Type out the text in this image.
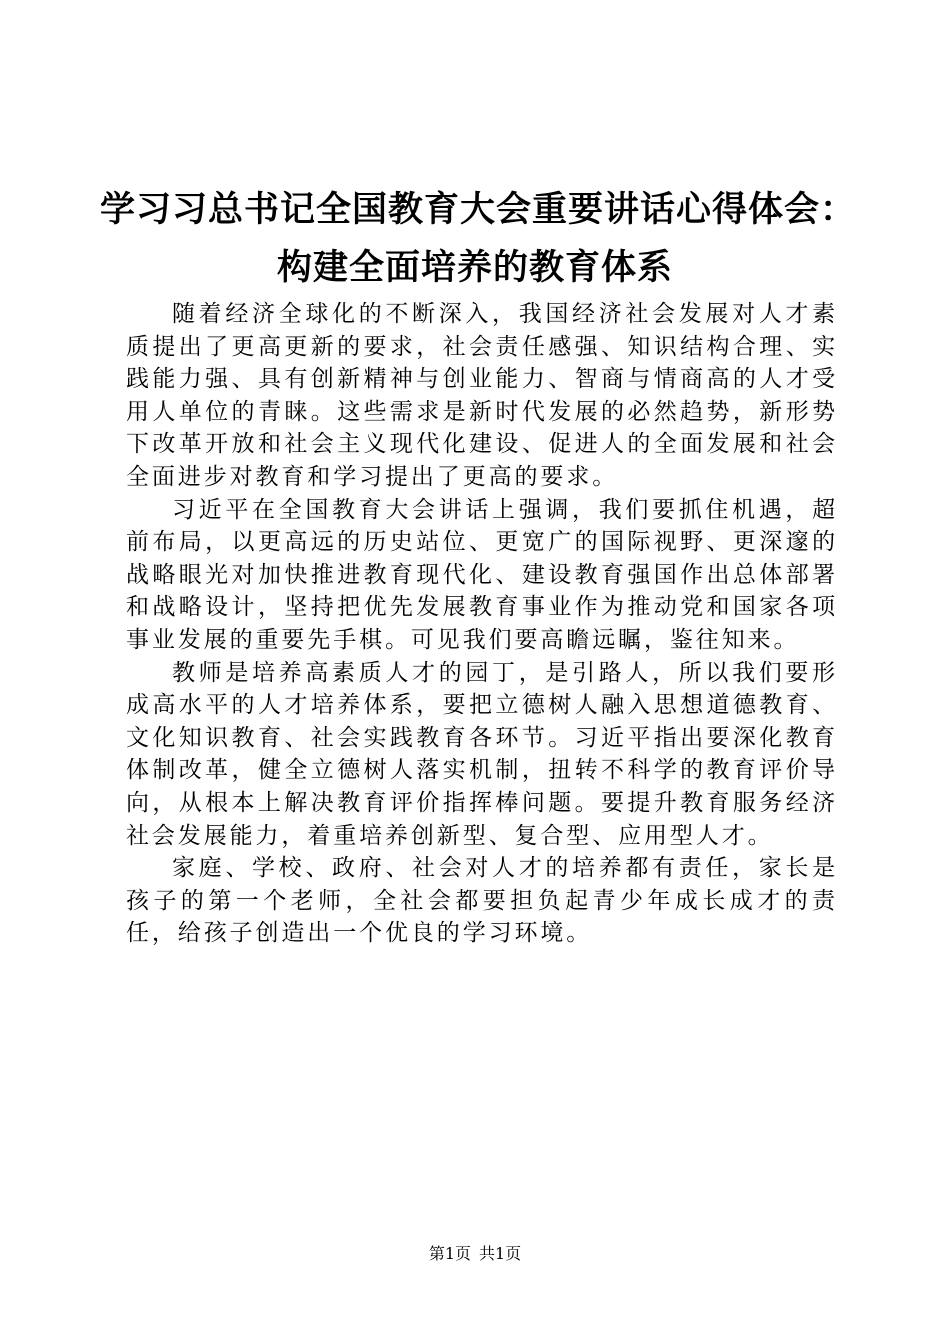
学习习总书记全国教育大会重要讲话心得体会：
构建全面培养的教育体系

随着经济全球化的不断深入，我国经济社会发展对人才素质提出了更高更新的要求，社会责任感强、知识结构合理、实践能力强、具有创新精神与创业能力、智商与情商高的人才受用人单位的青睐。这些需求是新时代发展的必然趋势，新形势下改革开放和社会主义现代化建设、促进人的全面发展和社会全面进步对教育和学习提出了更高的要求。

习近平在全国教育大会讲话上强调，我们要抓住机遇，超前布局，以更高远的历史站位、更宽广的国际视野、更深邃的战略眼光对加快推进教育现代化、建设教育强国作出总体部署和战略设计，坚持把优先发展教育事业作为推动党和国家各项事业发展的重要先手棋。可见我们要高瞻远瞩，鉴往知来。

教师是培养高素质人才的园丁，是引路人，所以我们要形成高水平的人才培养体系，要把立德树人融入思想道德教育、文化知识教育、社会实践教育各环节。习近平指出要深化教育体制改革，健全立德树人落实机制，扭转不科学的教育评价导向，从根本上解决教育评价指挥棒问题。要提升教育服务经济社会发展能力，着重培养创新型、复合型、应用型人才。

家庭、学校、政府、社会对人才的培养都有责任，家长是孩子的第一个老师，全社会都要担负起青少年成长成才的责任，给孩子创造出一个优良的学习环境。

第1页 共1页
